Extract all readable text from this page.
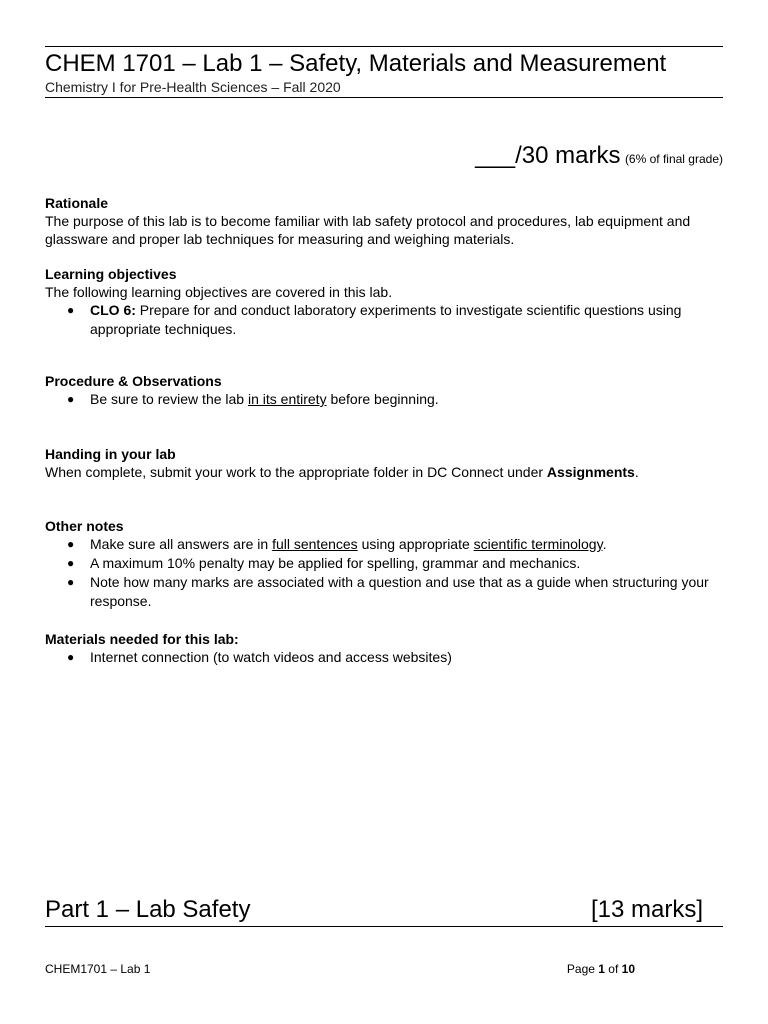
CHEM 1701 – Lab 1 – Safety, Materials and Measurement
Chemistry I for Pre-Health Sciences – Fall 2020
___/30 marks (6% of final grade)
Rationale

The purpose of this lab is to become familiar with lab safety protocol and procedures, lab equipment and glassware and proper lab techniques for measuring and weighing materials.

Learning objectives

The following learning objectives are covered in this lab.

● CLO 6: Prepare for and conduct laboratory experiments to investigate scientific questions using appropriate techniques.
Procedure & Observations
● Be sure to review the lab in its entirety before beginning.
Handing in your lab

When complete, submit your work to the appropriate folder in DC Connect under Assignments.

Other notes
● Make sure all answers are in full sentences using appropriate scientific terminology.
● A maximum 10% penalty may be applied for spelling, grammar and mechanics.
● Note how many marks are associated with a question and use that as a guide when structuring your response.
Materials needed for this lab:
● Internet connection (to watch videos and access websites)
Part 1 – Lab Safety	[13 marks]
CHEM1701 – Lab 1	Page 1 of 10
